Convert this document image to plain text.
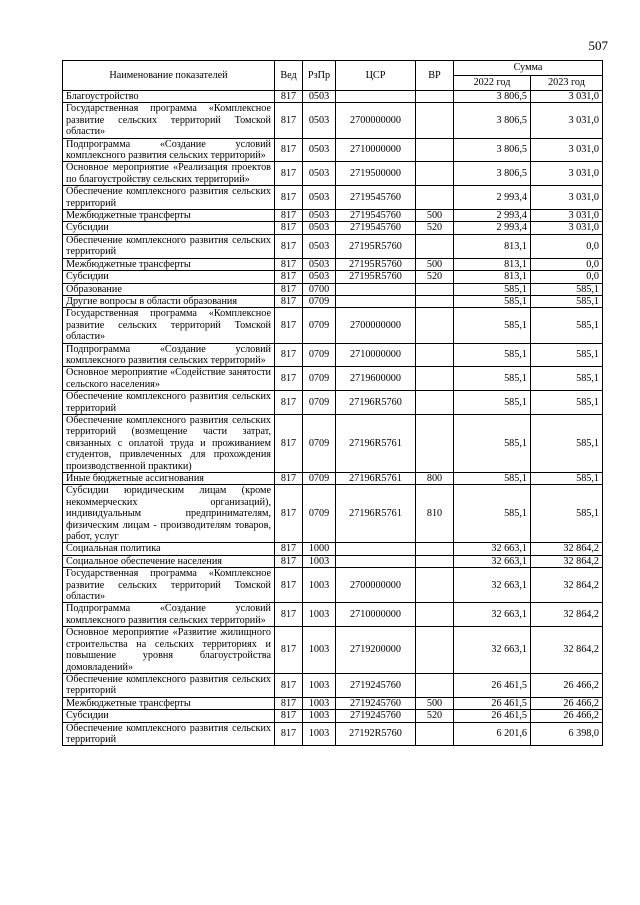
507
Наименование показателей	Вед	РзПр	ЦСР	ВР	Сумма	
					2022 год	2023 год
Благоустройство	817	0503			3 806,5	3 031,0
Государственная программа «Комплексное развитие сельских территорий Томской области»	817	0503	2700000000		3 806,5	3 031,0
Подпрограмма «Создание условий комплексного развития сельских территорий»	817	0503	2710000000		3 806,5	3 031,0
Основное мероприятие «Реализация проектов по благоустройству сельских территорий»	817	0503	2719500000		3 806,5	3 031,0
Обеспечение комплексного развития сельских территорий	817	0503	2719545760		2 993,4	3 031,0
Межбюджетные трансферты	817	0503	2719545760	500	2 993,4	3 031,0
Субсидии	817	0503	2719545760	520	2 993,4	3 031,0
Обеспечение комплексного развития сельских территорий	817	0503	27195R5760		813,1	0,0
Межбюджетные трансферты	817	0503	27195R5760	500	813,1	0,0
Субсидии	817	0503	27195R5760	520	813,1	0,0
Образование	817	0700			585,1	585,1
Другие вопросы в области образования	817	0709			585,1	585,1
Государственная программа «Комплексное развитие сельских территорий Томской области»	817	0709	2700000000		585,1	585,1
Подпрограмма «Создание условий комплексного развития сельских территорий»	817	0709	2710000000		585,1	585,1
Основное мероприятие «Содействие занятости сельского населения»	817	0709	2719600000		585,1	585,1
Обеспечение комплексного развития сельских территорий	817	0709	27196R5760		585,1	585,1
Обеспечение комплексного развития сельских территорий (возмещение части затрат, связанных с оплатой труда и проживанием студентов, привлеченных для прохождения производственной практики)	817	0709	27196R5761		585,1	585,1
Иные бюджетные ассигнования	817	0709	27196R5761	800	585,1	585,1
Субсидии юридическим лицам (кроме некоммерческих организаций), индивидуальным предпринимателям, физическим лицам - производителям товаров, работ, услуг	817	0709	27196R5761	810	585,1	585,1
Социальная политика	817	1000			32 663,1	32 864,2
Социальное обеспечение населения	817	1003			32 663,1	32 864,2
Государственная программа «Комплексное развитие сельских территорий Томской области»	817	1003	2700000000		32 663,1	32 864,2
Подпрограмма «Создание условий комплексного развития сельских территорий»	817	1003	2710000000		32 663,1	32 864,2
Основное мероприятие «Развитие жилищного строительства на сельских территориях и повышение уровня благоустройства домовладений»	817	1003	2719200000		32 663,1	32 864,2
Обеспечение комплексного развития сельских территорий	817	1003	2719245760		26 461,5	26 466,2
Межбюджетные трансферты	817	1003	2719245760	500	26 461,5	26 466,2
Субсидии	817	1003	2719245760	520	26 461,5	26 466,2
Обеспечение комплексного развития сельских территорий	817	1003	27192R5760		6 201,6	6 398,0
